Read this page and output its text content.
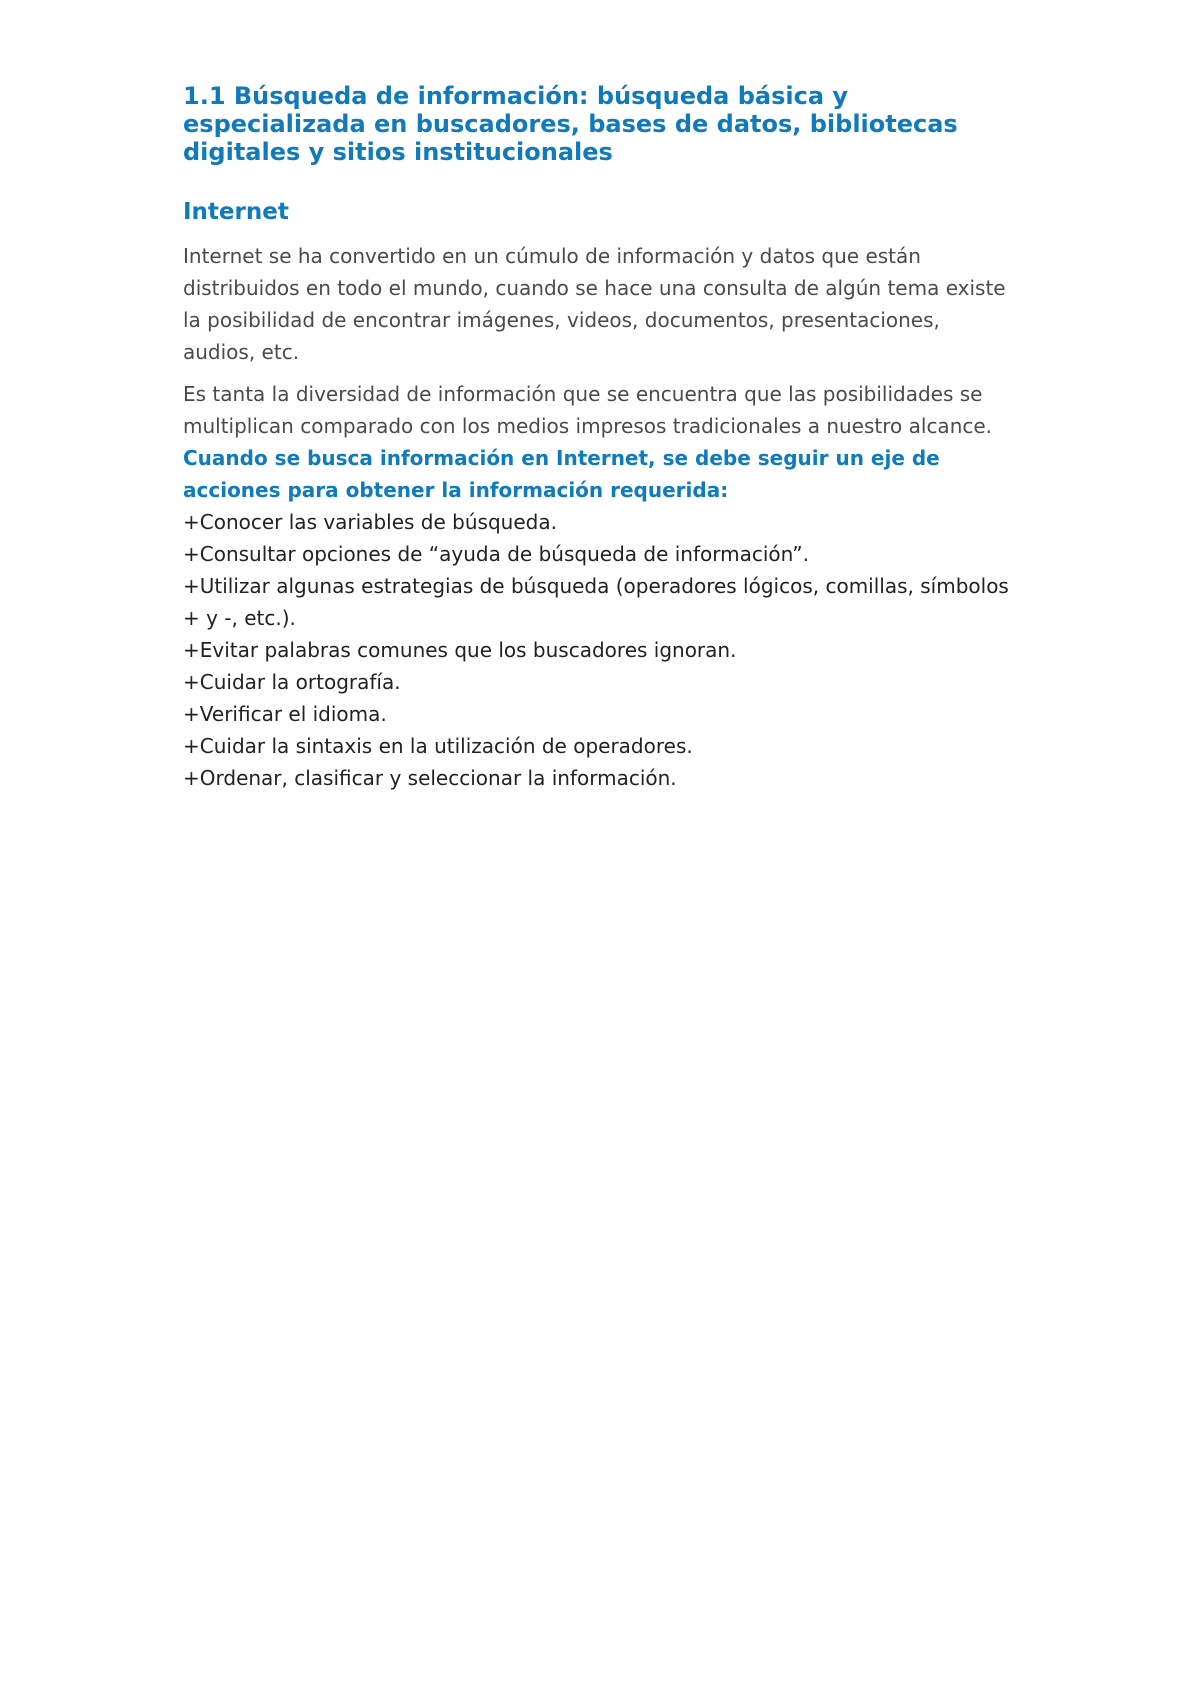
1.1 Búsqueda de información: búsqueda básica y
especializada en buscadores, bases de datos, bibliotecas
digitales y sitios institucionales
Internet

Internet se ha convertido en un cúmulo de información y datos que están
distribuidos en todo el mundo, cuando se hace una consulta de algún tema existe
la posibilidad de encontrar imágenes, videos, documentos, presentaciones,
audios, etc.

Es tanta la diversidad de información que se encuentra que las posibilidades se
multiplican comparado con los medios impresos tradicionales a nuestro alcance.

Cuando se busca información en Internet, se debe seguir un eje de
acciones para obtener la información requerida:

+Conocer las variables de búsqueda.
+Consultar opciones de “ayuda de búsqueda de información”.
+Utilizar algunas estrategias de búsqueda (operadores lógicos, comillas, símbolos
+ y -, etc.).
+Evitar palabras comunes que los buscadores ignoran.
+Cuidar la ortografía.
+Verificar el idioma.
+Cuidar la sintaxis en la utilización de operadores.
+Ordenar, clasificar y seleccionar la información.
